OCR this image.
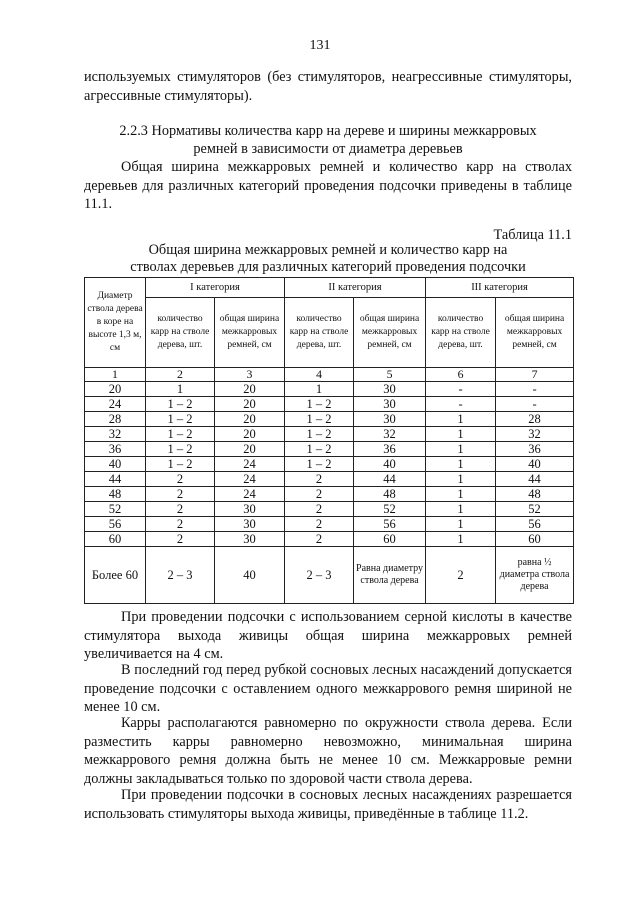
131

используемых стимуляторов (без стимуляторов, неагрессивные стимуляторы, агрессивные стимуляторы).

2.2.3 Нормативы количества карр на дереве и ширины межкарровых

ремней в зависимости от диаметра деревьев

Общая ширина межкарровых ремней и количество карр на стволах деревьев для различных категорий проведения подсочки приведены в таблице 11.1.

Таблица 11.1

Общая ширина межкарровых ремней и количество карр на
стволах деревьев для различных категорий проведения подсочки

Диаметр ствола дерева в коре на высоте 1,3 м, см	I категория		II категория		III категория	
	количество карр на стволе дерева, шт.	общая ширина межкарровых ремней, см	количество карр на стволе дерева, шт.	общая ширина межкарровых ремней, см	количество карр на стволе дерева, шт.	общая ширина межкарровых ремней, см
1	2	3	4	5	6	7
20	1	20	1	30	-	-
24	1 – 2	20	1 – 2	30	-	-
28	1 – 2	20	1 – 2	30	1	28
32	1 – 2	20	1 – 2	32	1	32
36	1 – 2	20	1 – 2	36	1	36
40	1 – 2	24	1 – 2	40	1	40
44	2	24	2	44	1	44
48	2	24	2	48	1	48
52	2	30	2	52	1	52
56	2	30	2	56	1	56
60	2	30	2	60	1	60
Более 60	2 – 3	40	2 – 3	Равна диаметру ствола дерева	2	равна ½ диаметра ствола дерева

При проведении подсочки с использованием серной кислоты в качестве стимулятора выхода живицы общая ширина межкарровых ремней увеличивается на 4 см.

В последний год перед рубкой сосновых лесных насаждений допускается проведение подсочки с оставлением одного межкаррового ремня шириной не менее 10 см.

Карры располагаются равномерно по окружности ствола дерева. Если разместить карры равномерно невозможно, минимальная ширина межкаррового ремня должна быть не менее 10 см. Межкарровые ремни должны закладываться только по здоровой части ствола дерева.

При проведении подсочки в сосновых лесных насаждениях разрешается использовать стимуляторы выхода живицы, приведённые в таблице 11.2.
